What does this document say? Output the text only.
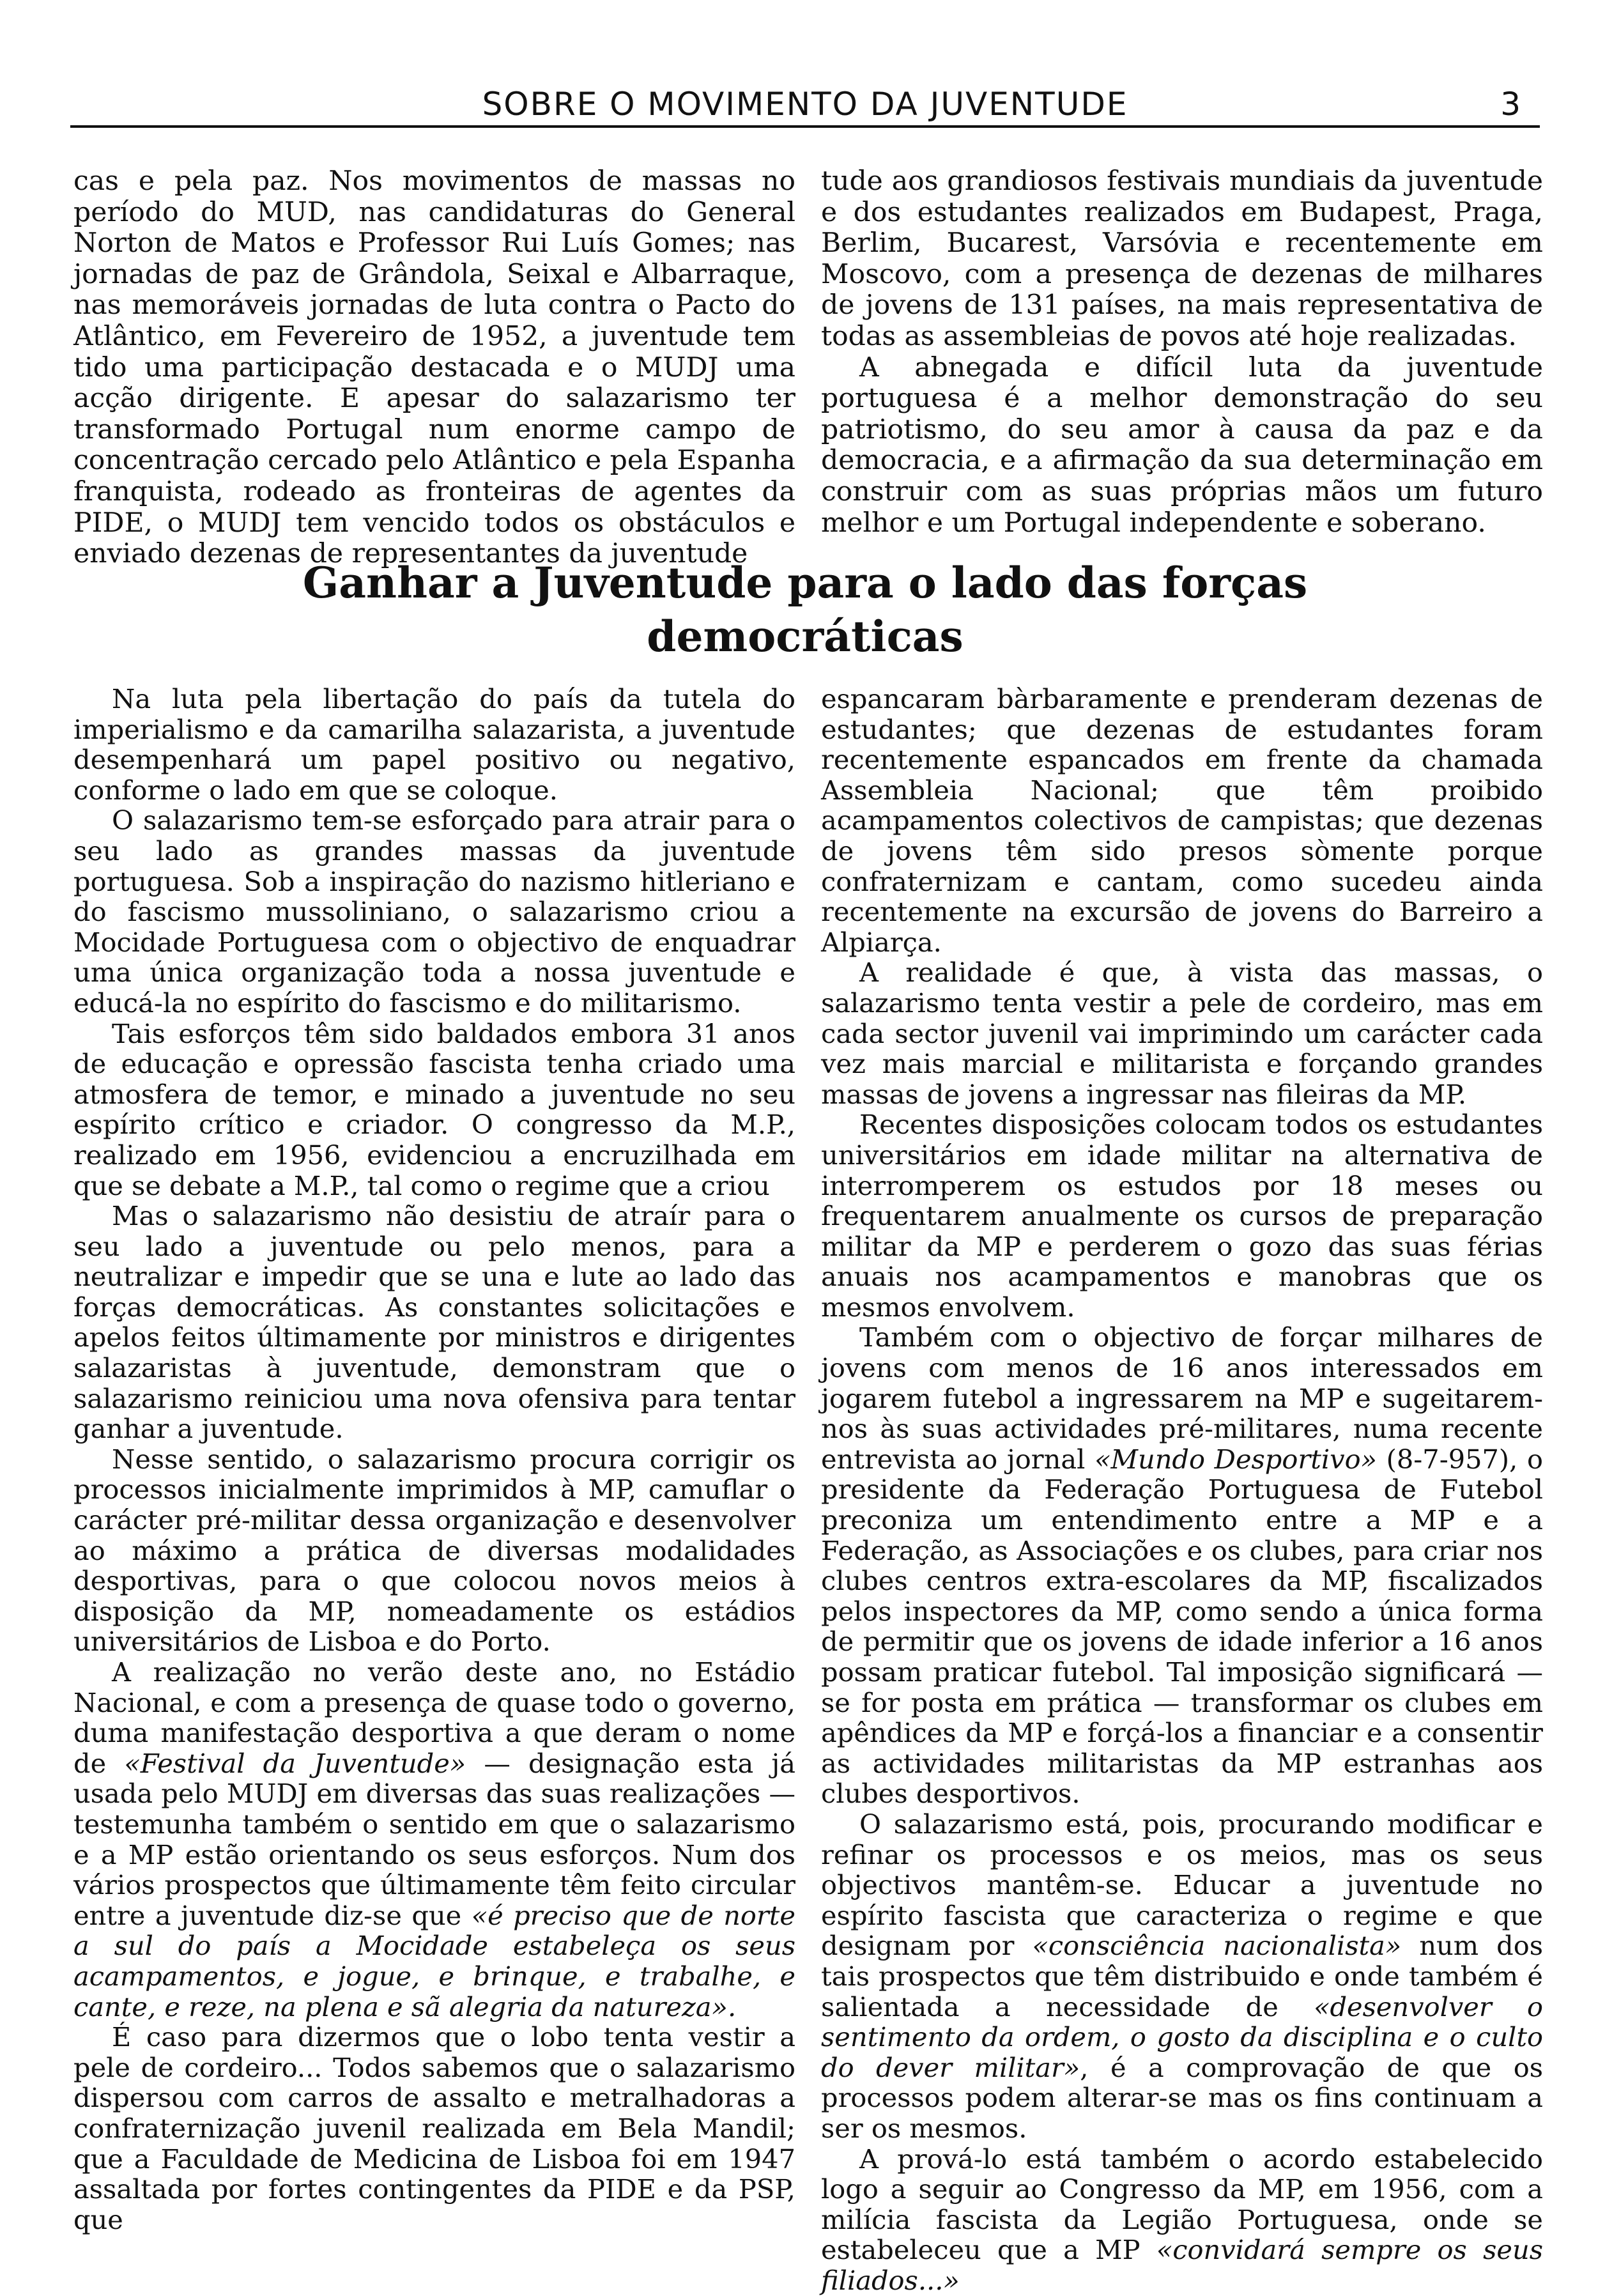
SOBRE O MOVIMENTO DA JUVENTUDE	3

cas e pela paz. Nos movimentos de massas no período do MUD, nas candidaturas do General Norton de Matos e Professor Rui Luís Gomes; nas jornadas de paz de Grândola, Seixal e Albarraque, nas memoráveis jornadas de luta contra o Pacto do Atlântico, em Fevereiro de 1952, a juventude tem tido uma participação destacada e o MUDJ uma acção dirigente. E apesar do salazarismo ter transformado Portugal num enorme campo de concentração cercado pelo Atlântico e pela Espanha franquista, rodeado as fronteiras de agentes da PIDE, o MUDJ tem vencido todos os obstáculos e enviado dezenas de representantes da juventude

tude aos grandiosos festivais mundiais da juventude e dos estudantes realizados em Budapest, Praga, Berlim, Bucarest, Varsóvia e recentemente em Moscovo, com a presença de dezenas de milhares de jovens de 131 países, na mais representativa de todas as assembleias de povos até hoje realizadas.

A abnegada e difícil luta da juventude portuguesa é a melhor demonstração do seu patriotismo, do seu amor à causa da paz e da democracia, e a afirmação da sua determinação em construir com as suas próprias mãos um futuro melhor e um Portugal independente e soberano.

Ganhar a Juventude para o lado das forças
democráticas

Na luta pela libertação do país da tutela do imperialismo e da camarilha salazarista, a juventude desempenhará um papel positivo ou negativo, conforme o lado em que se coloque.

O salazarismo tem-se esforçado para atrair para o seu lado as grandes massas da juventude portuguesa. Sob a inspiração do nazismo hitleriano e do fascismo mussoliniano, o salazarismo criou a Mocidade Portuguesa com o objectivo de enquadrar uma única organização toda a nossa juventude e educá-la no espírito do fascismo e do militarismo.

Tais esforços têm sido baldados embora 31 anos de educação e opressão fascista tenha criado uma atmosfera de temor, e minado a juventude no seu espírito crítico e criador. O congresso da M.P., realizado em 1956, evidenciou a encruzilhada em que se debate a M.P., tal como o regime que a criou

Mas o salazarismo não desistiu de atraír para o seu lado a juventude ou pelo menos, para a neutralizar e impedir que se una e lute ao lado das forças democráticas. As constantes solicitações e apelos feitos últimamente por ministros e dirigentes salazaristas à juventude, demonstram que o salazarismo reiniciou uma nova ofensiva para tentar ganhar a juventude.

Nesse sentido, o salazarismo procura corrigir os processos inicialmente imprimidos à MP, camuflar o carácter pré-militar dessa organização e desenvolver ao máximo a prática de diversas modalidades desportivas, para o que colocou novos meios à disposição da MP, nomeadamente os estádios universitários de Lisboa e do Porto.

A realização no verão deste ano, no Estádio Nacional, e com a presença de quase todo o governo, duma manifestação desportiva a que deram o nome de «Festival da Juventude» — designação esta já usada pelo MUDJ em diversas das suas realizações — testemunha também o sentido em que o salazarismo e a MP estão orientando os seus esforços. Num dos vários prospectos que últimamente têm feito circular entre a juventude diz-se que «é preciso que de norte a sul do país a Mocidade estabeleça os seus acampamentos, e jogue, e brinque, e trabalhe, e cante, e reze, na plena e sã alegria da natureza».

É caso para dizermos que o lobo tenta vestir a pele de cordeiro... Todos sabemos que o salazarismo dispersou com carros de assalto e metralhadoras a confraternização juvenil realizada em Bela Mandil; que a Faculdade de Medicina de Lisboa foi em 1947 assaltada por fortes contingentes da PIDE e da PSP, que

espancaram bàrbaramente e prenderam dezenas de estudantes; que dezenas de estudantes foram recentemente espancados em frente da chamada Assembleia Nacional; que têm proibido acampamentos colectivos de campistas; que dezenas de jovens têm sido presos sòmente porque confraternizam e cantam, como sucedeu ainda recentemente na excursão de jovens do Barreiro a Alpiarça.

A realidade é que, à vista das massas, o salazarismo tenta vestir a pele de cordeiro, mas em cada sector juvenil vai imprimindo um carácter cada vez mais marcial e militarista e forçando grandes massas de jovens a ingressar nas fileiras da MP.

Recentes disposições colocam todos os estudantes universitários em idade militar na alternativa de interromperem os estudos por 18 meses ou frequentarem anualmente os cursos de preparação militar da MP e perderem o gozo das suas férias anuais nos acampamentos e manobras que os mesmos envolvem.

Também com o objectivo de forçar milhares de jovens com menos de 16 anos interessados em jogarem futebol a ingressarem na MP e sugeitarem-nos às suas actividades pré-militares, numa recente entrevista ao jornal «Mundo Desportivo» (8-7-957), o presidente da Federação Portuguesa de Futebol preconiza um entendimento entre a MP e a Federação, as Associações e os clubes, para criar nos clubes centros extra-escolares da MP, fiscalizados pelos inspectores da MP, como sendo a única forma de permitir que os jovens de idade inferior a 16 anos possam praticar futebol. Tal imposição significará — se for posta em prática — transformar os clubes em apêndices da MP e forçá-los a financiar e a consentir as actividades militaristas da MP estranhas aos clubes desportivos.

O salazarismo está, pois, procurando modificar e refinar os processos e os meios, mas os seus objectivos mantêm-se. Educar a juventude no espírito fascista que caracteriza o regime e que designam por «consciência nacionalista» num dos tais prospectos que têm distribuido e onde também é salientada a necessidade de «desenvolver o sentimento da ordem, o gosto da disciplina e o culto do dever militar», é a comprovação de que os processos podem alterar-se mas os fins continuam a ser os mesmos.

A prová-lo está também o acordo estabelecido logo a seguir ao Congresso da MP, em 1956, com a milícia fascista da Legião Portuguesa, onde se estabeleceu que a MP «convidará sempre os seus filiados...»
